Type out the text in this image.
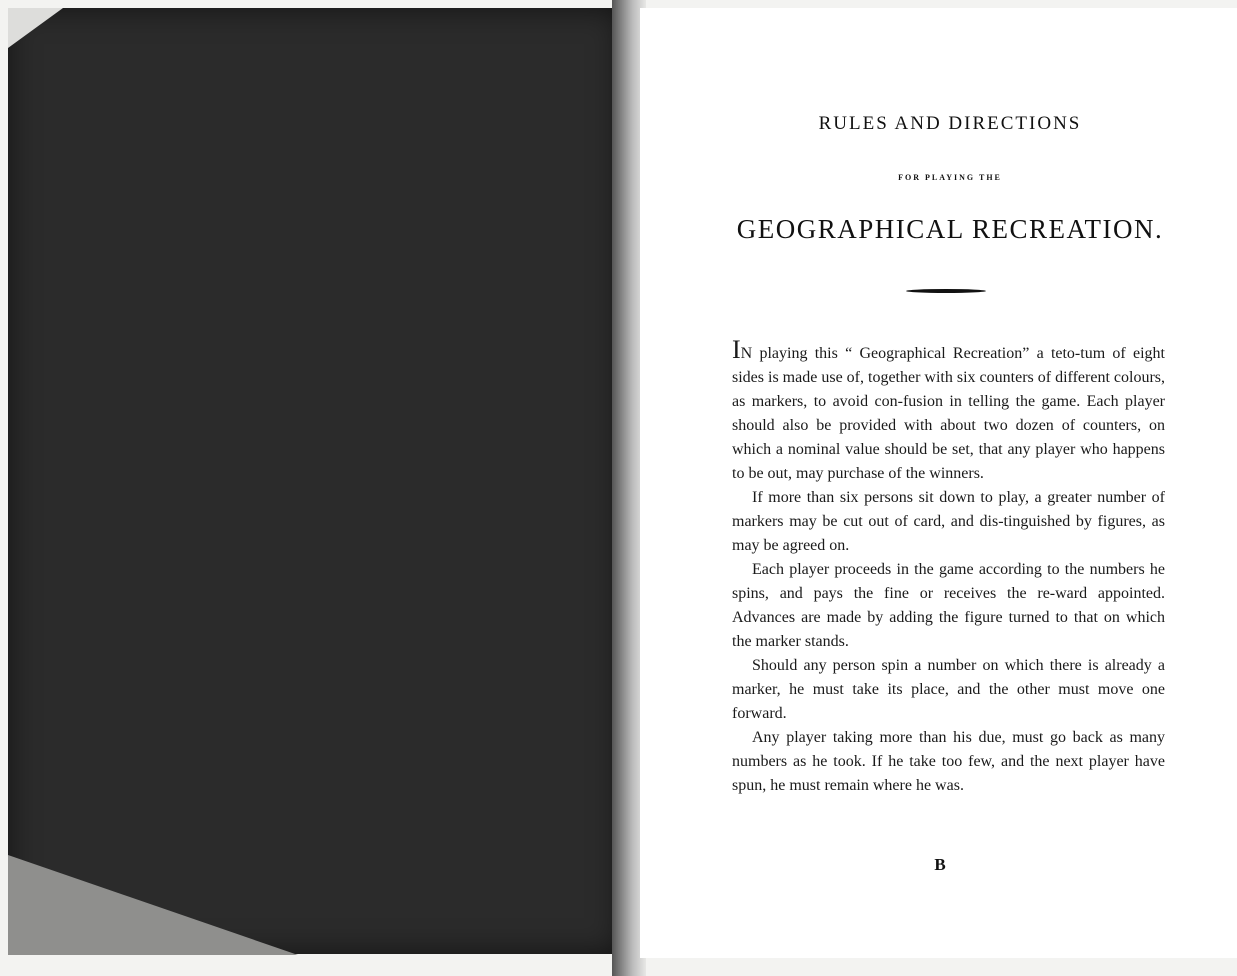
RULES AND DIRECTIONS
FOR PLAYING THE
GEOGRAPHICAL RECREATION.

IN playing this “ Geographical Recreation” a teto-tum of eight sides is made use of, together with six counters of different colours, as markers, to avoid con-fusion in telling the game. Each player should also be provided with about two dozen of counters, on which a nominal value should be set, that any player who happens to be out, may purchase of the winners.

If more than six persons sit down to play, a greater number of markers may be cut out of card, and dis-tinguished by figures, as may be agreed on.

Each player proceeds in the game according to the numbers he spins, and pays the fine or receives the re-ward appointed. Advances are made by adding the figure turned to that on which the marker stands.

Should any person spin a number on which there is already a marker, he must take its place, and the other must move one forward.

Any player taking more than his due, must go back as many numbers as he took. If he take too few, and the next player have spun, he must remain where he was.

B
